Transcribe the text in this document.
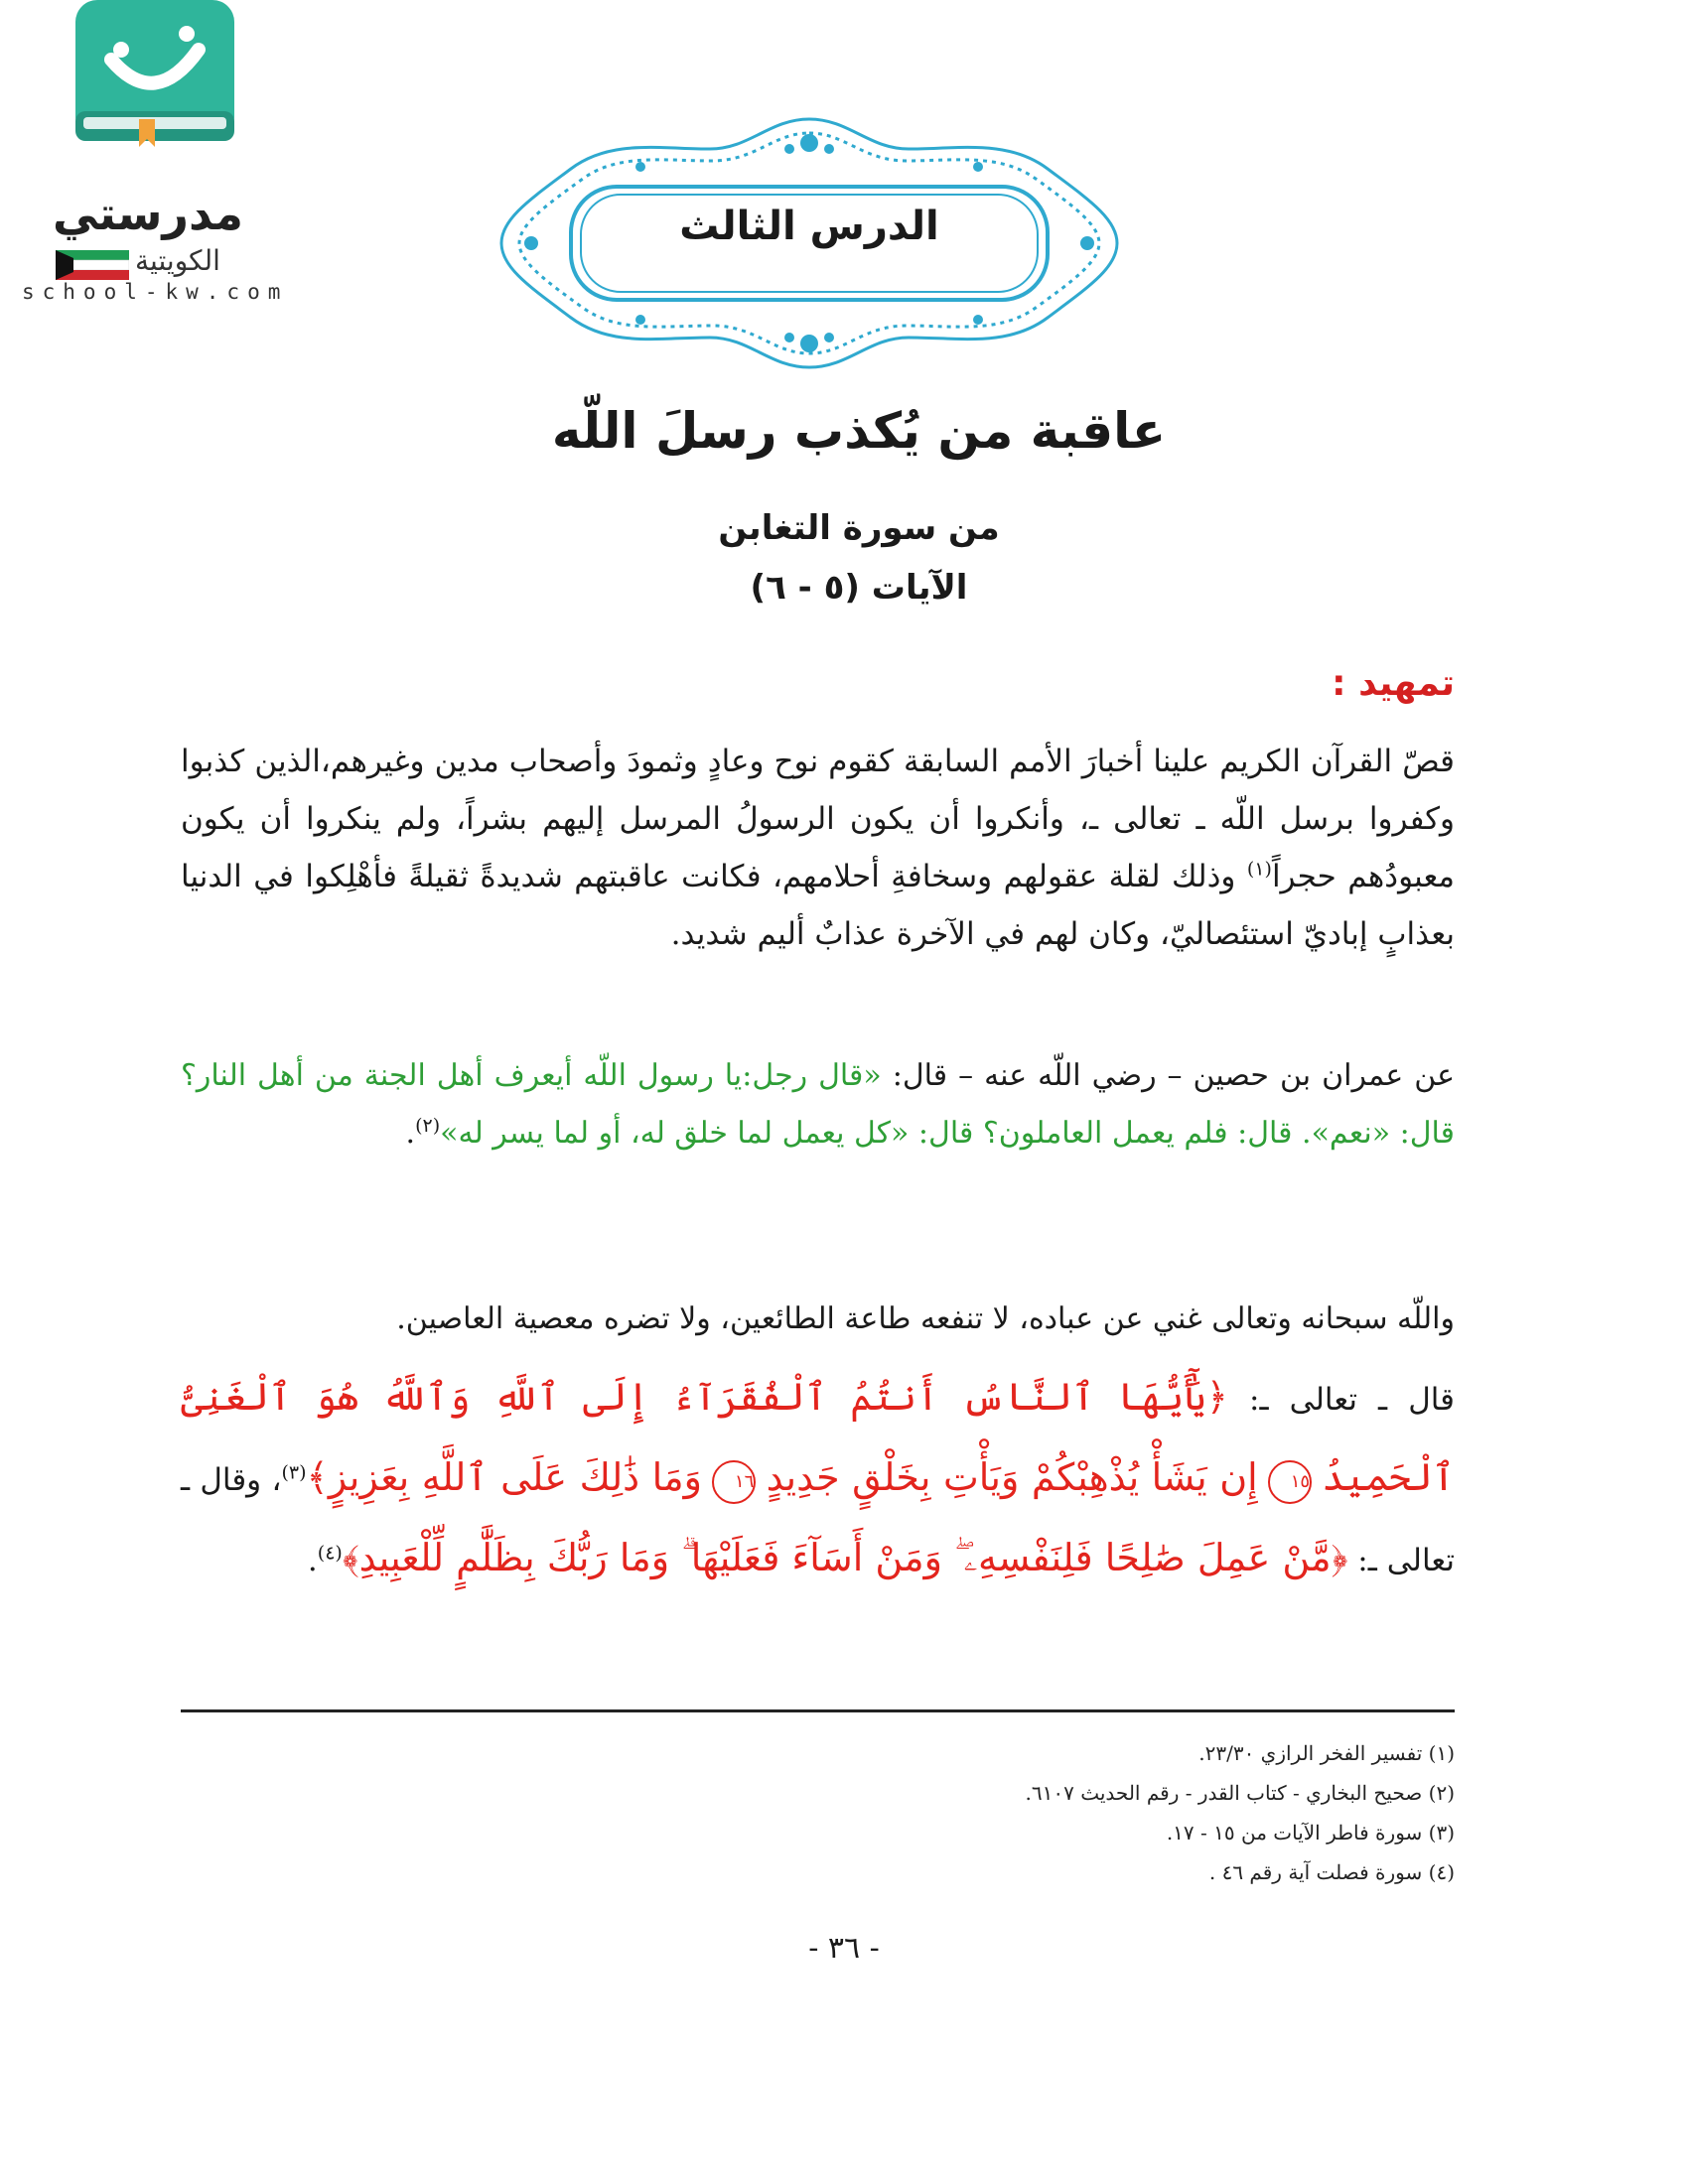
مدرستي
الكويتية
school-kw.com
الدرس الثالث
عاقبة من يُكذب رسلَ اللّه
من سورة التغابن
الآيات (٥ - ٦)
تمهيد :
قصّ القرآن الكريم علينا أخبارَ الأمم السابقة كقوم نوح وعادٍ وثمودَ وأصحاب مدين وغيرهم،الذين كذبوا وكفروا برسل اللّه ـ تعالى ـ، وأنكروا أن يكون الرسولُ المرسل إليهم بشراً، ولم ينكروا أن يكون معبودُهم حجراً$^{(١)}$ وذلك لقلة عقولهم وسخافةِ أحلامهم، فكانت عاقبتهم شديدةً ثقيلةً فأهْلِكوا في الدنيا بعذابٍ إباديّ استئصاليّ، وكان لهم في الآخرة عذابٌ أليم شديد.
عن عمران بن حصين – رضي اللّه عنه – قال: «قال رجل:يا رسول اللّه أيعرف أهل الجنة من أهل النار؟ قال: «نعم». قال: فلم يعمل العاملون؟ قال: «كل يعمل لما خلق له، أو لما يسر له»$^{(٢)}$.
واللّه سبحانه وتعالى غني عن عباده، لا تنفعه طاعة الطائعين، ولا تضره معصية العاصين.
قال ـ تعالى ـ: ﴿يَٰٓأَيُّهَا ٱلنَّاسُ أَنتُمُ ٱلْفُقَرَآءُ إِلَى ٱللَّهِ وَٱللَّهُ هُوَ ٱلْغَنِىُّ ٱلْحَمِيدُ ١٥ إِن يَشَأْ يُذْهِبْكُمْ وَيَأْتِ بِخَلْقٍ جَدِيدٍ ١٦ وَمَا ذَٰلِكَ عَلَى ٱللَّهِ بِعَزِيزٍ﴾$^{(٣)}$، وقال ـ تعالى ـ: ﴿مَّنْ عَمِلَ صَٰلِحًا فَلِنَفْسِهِۦ ۖ وَمَنْ أَسَآءَ فَعَلَيْهَا ۗ وَمَا رَبُّكَ بِظَلَّٰمٍ لِّلْعَبِيدِ﴾$^{(٤)}$.
(١) تفسير الفخر الرازي ٢٣/٣٠.
(٢) صحيح البخاري - كتاب القدر - رقم الحديث ٦١٠٧.
(٣) سورة فاطر الآيات من ١٥ - ١٧.
(٤) سورة فصلت آية رقم ٤٦ .
- ٣٦ -
